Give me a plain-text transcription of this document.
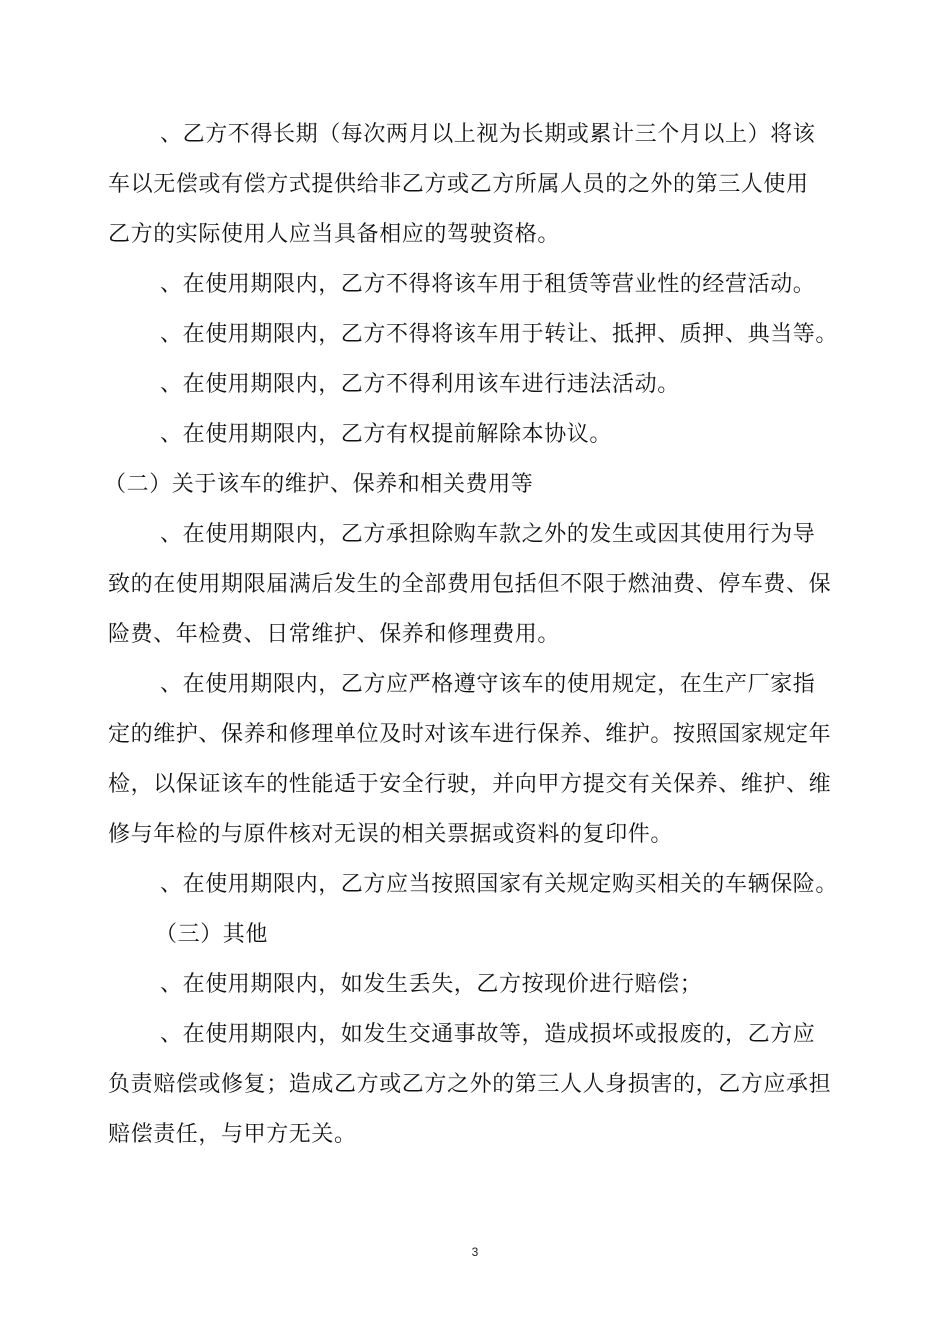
、乙方不得长期（每次两月以上视为长期或累计三个月以上）将该
车以无偿或有偿方式提供给非乙方或乙方所属人员的之外的第三人使用
乙方的实际使用人应当具备相应的驾驶资格。
、在使用期限内，乙方不得将该车用于租赁等营业性的经营活动。
、在使用期限内，乙方不得将该车用于转让、抵押、质押、典当等。
、在使用期限内，乙方不得利用该车进行违法活动。
、在使用期限内，乙方有权提前解除本协议。
（二）关于该车的维护、保养和相关费用等
、在使用期限内，乙方承担除购车款之外的发生或因其使用行为导
致的在使用期限届满后发生的全部费用包括但不限于燃油费、停车费、保
险费、年检费、日常维护、保养和修理费用。
、在使用期限内，乙方应严格遵守该车的使用规定，在生产厂家指
定的维护、保养和修理单位及时对该车进行保养、维护。按照国家规定年
检，以保证该车的性能适于安全行驶，并向甲方提交有关保养、维护、维
修与年检的与原件核对无误的相关票据或资料的复印件。
、在使用期限内，乙方应当按照国家有关规定购买相关的车辆保险。
（三）其他
、在使用期限内，如发生丢失，乙方按现价进行赔偿；
、在使用期限内，如发生交通事故等，造成损坏或报废的，乙方应
负责赔偿或修复；造成乙方或乙方之外的第三人人身损害的，乙方应承担
赔偿责任，与甲方无关。
3
